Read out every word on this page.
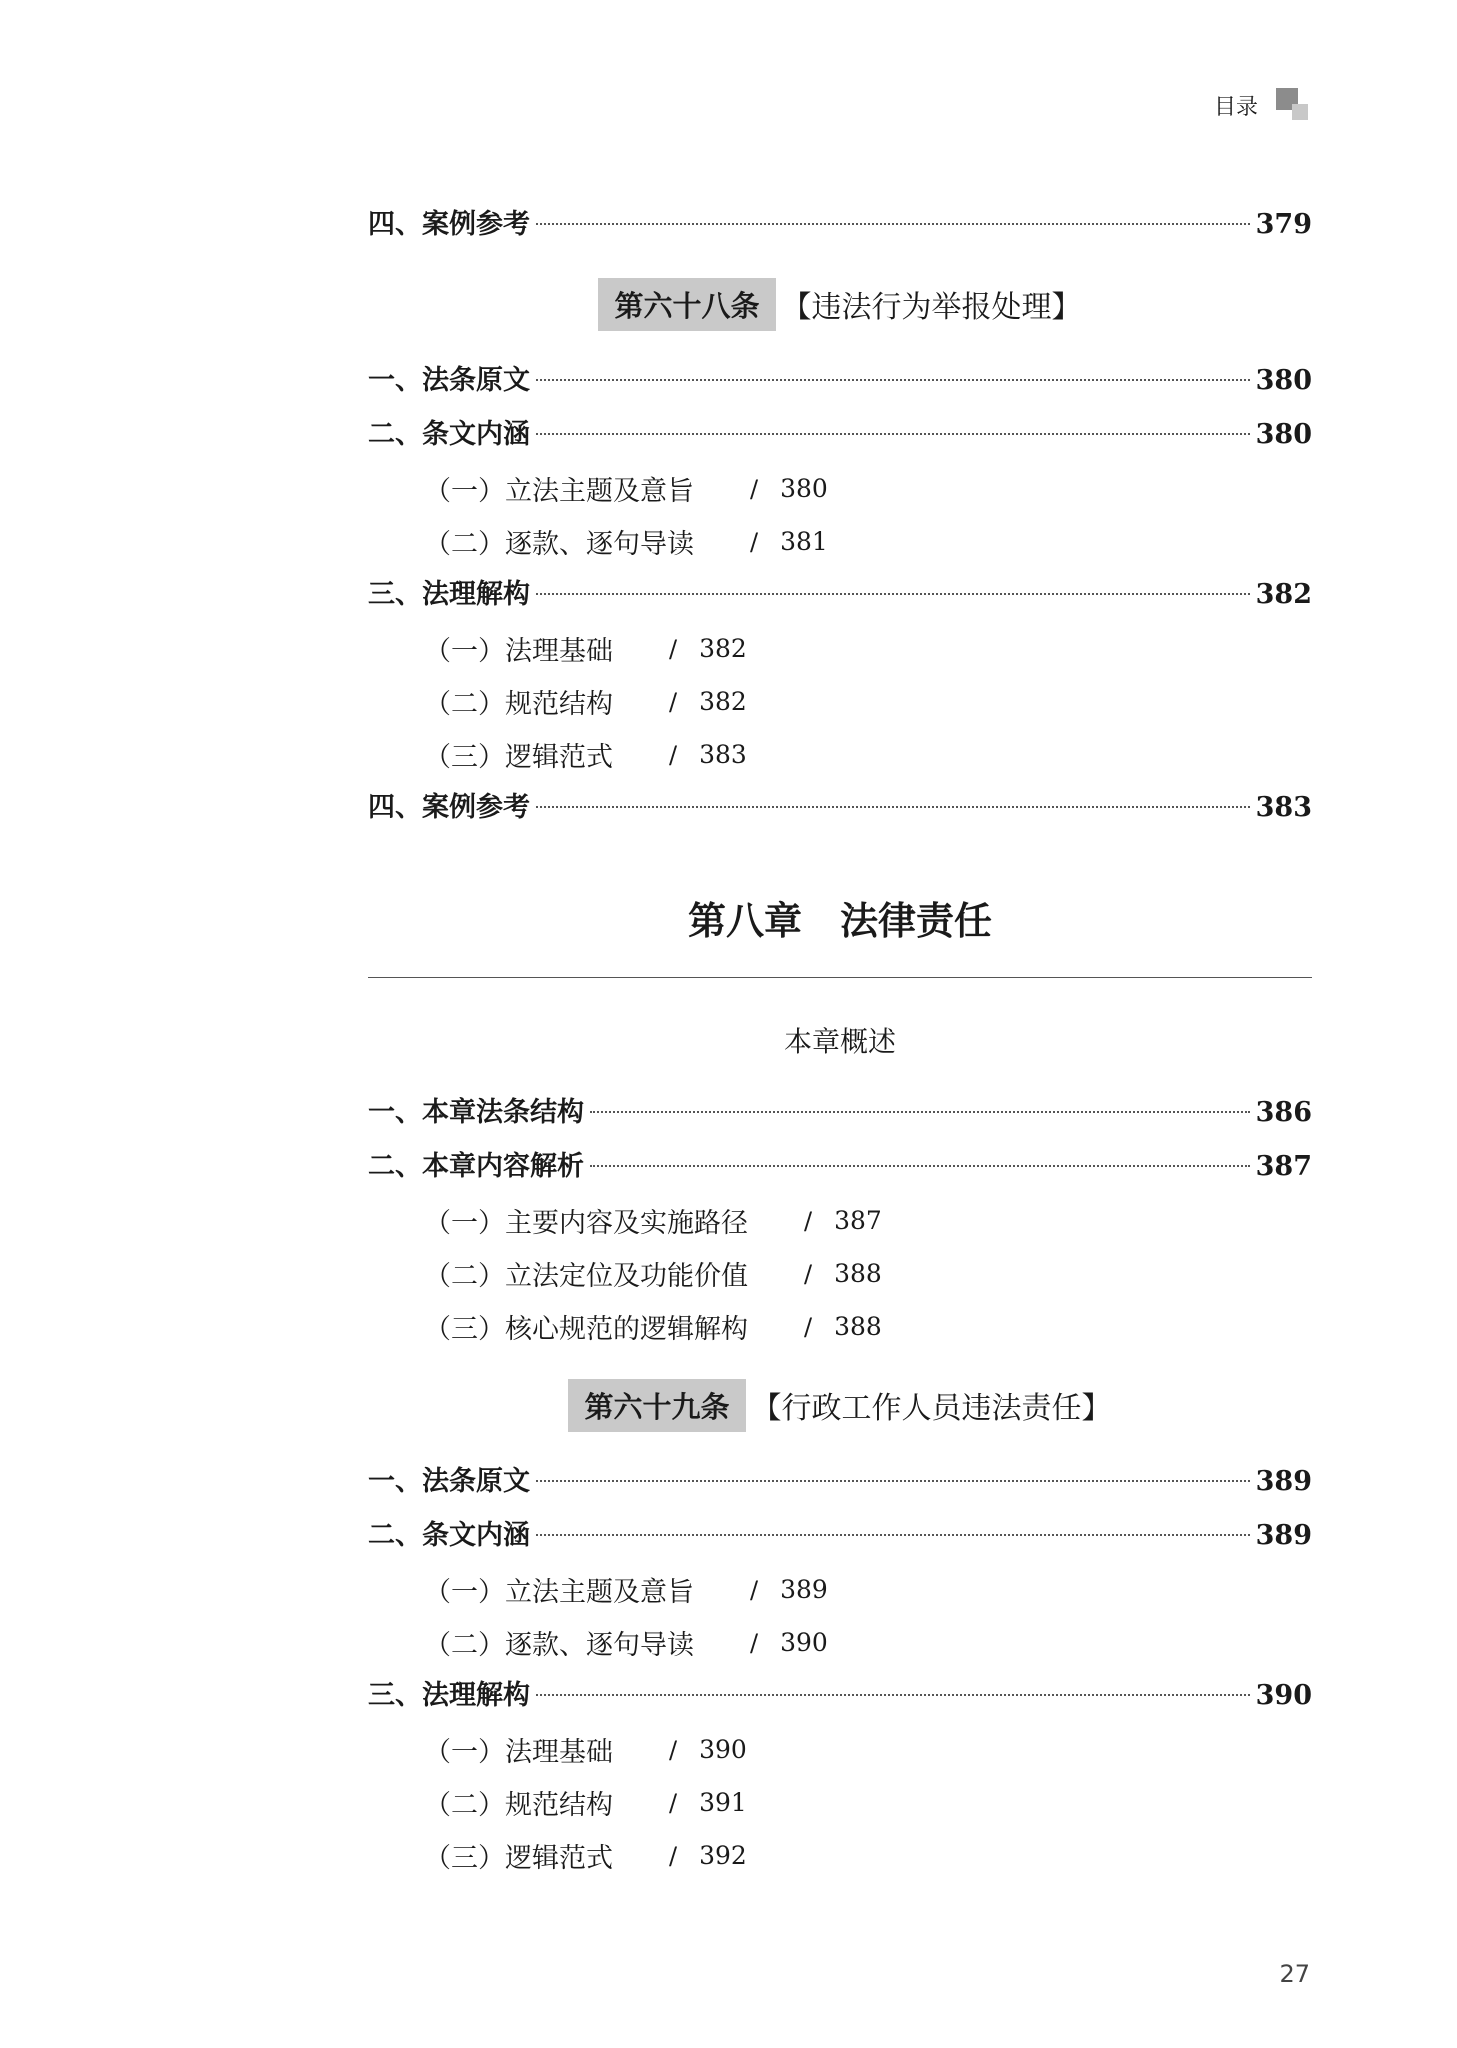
目录
四、案例参考	379
第六十八条 【违法行为举报处理】
一、法条原文	380
二、条文内涵	380
（一）立法主题及意旨 / 380
（二）逐款、逐句导读 / 381
三、法理解构	382
（一）法理基础 / 382
（二）规范结构 / 382
（三）逻辑范式 / 383
四、案例参考	383
第八章　法律责任
本章概述
一、本章法条结构	386
二、本章内容解析	387
（一）主要内容及实施路径 / 387
（二）立法定位及功能价值 / 388
（三）核心规范的逻辑解构 / 388
第六十九条 【行政工作人员违法责任】
一、法条原文	389
二、条文内涵	389
（一）立法主题及意旨 / 389
（二）逐款、逐句导读 / 390
三、法理解构	390
（一）法理基础 / 390
（二）规范结构 / 391
（三）逻辑范式 / 392
27
